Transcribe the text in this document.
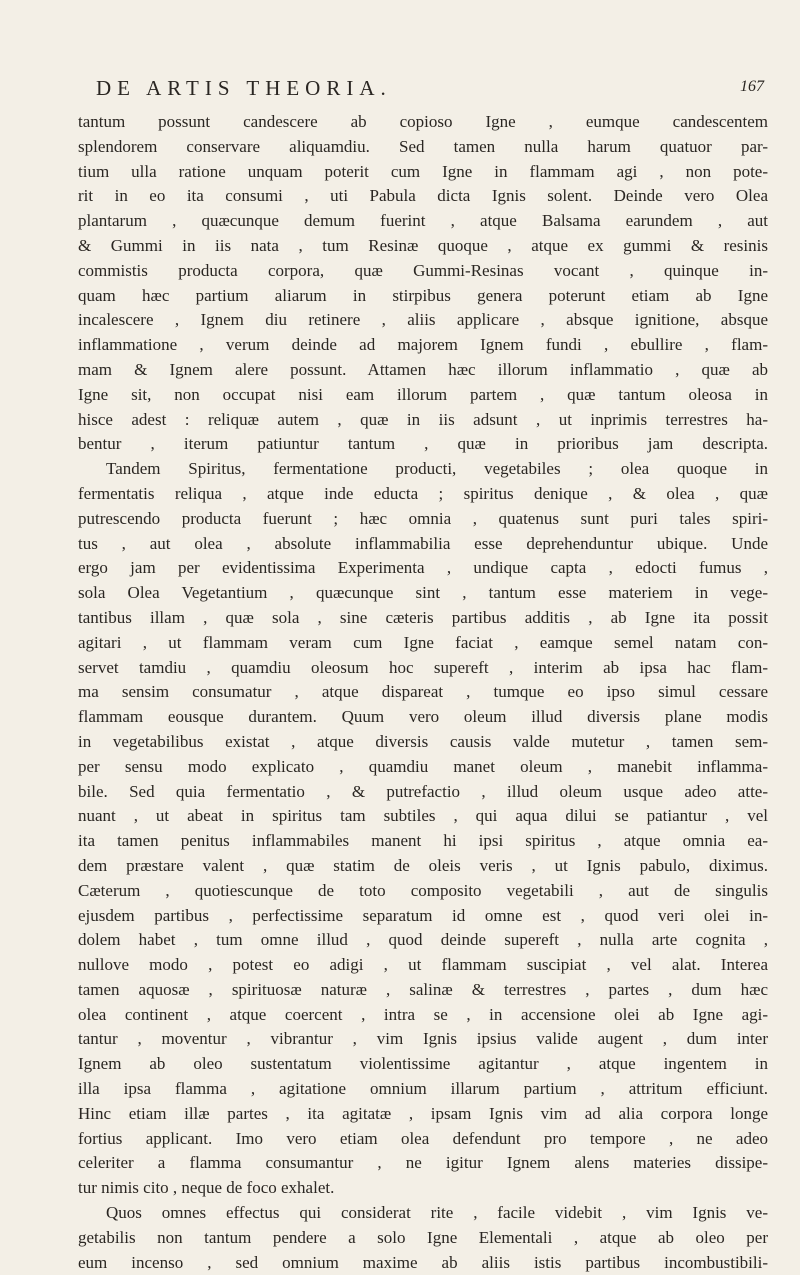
DE ARTIS THEORIA.	167
tantum possunt candescere ab copioso Igne , eumque candescentem
splendorem conservare aliquamdiu. Sed tamen nulla harum quatuor par-
tium ulla ratione unquam poterit cum Igne in flammam agi , non pote-
rit in eo ita consumi , uti Pabula dicta Ignis solent. Deinde vero Olea
plantarum , quæcunque demum fuerint , atque Balsama earundem , aut
& Gummi in iis nata , tum Resinæ quoque , atque ex gummi & resinis
commistis producta corpora, quæ Gummi-Resinas vocant , quinque in-
quam hæc partium aliarum in stirpibus genera poterunt etiam ab Igne
incalescere , Ignem diu retinere , aliis applicare , absque ignitione, absque
inflammatione , verum deinde ad majorem Ignem fundi , ebullire , flam-
mam & Ignem alere possunt. Attamen hæc illorum inflammatio , quæ ab
Igne sit, non occupat nisi eam illorum partem , quæ tantum oleosa in
hisce adest : reliquæ autem , quæ in iis adsunt , ut inprimis terrestres ha-
bentur , iterum patiuntur tantum , quæ in prioribus jam descripta.
Tandem Spiritus, fermentatione producti, vegetabiles ; olea quoque in
fermentatis reliqua , atque inde educta ; spiritus denique , & olea , quæ
putrescendo producta fuerunt ; hæc omnia , quatenus sunt puri tales spiri-
tus , aut olea , absolute inflammabilia esse deprehenduntur ubique. Unde
ergo jam per evidentissima Experimenta , undique capta , edocti fumus ,
sola Olea Vegetantium , quæcunque sint , tantum esse materiem in vege-
tantibus illam , quæ sola , sine cæteris partibus additis , ab Igne ita possit
agitari , ut flammam veram cum Igne faciat , eamque semel natam con-
servet tamdiu , quamdiu oleosum hoc supereft , interim ab ipsa hac flam-
ma sensim consumatur , atque dispareat , tumque eo ipso simul cessare
flammam eousque durantem. Quum vero oleum illud diversis plane modis
in vegetabilibus existat , atque diversis causis valde mutetur , tamen sem-
per sensu modo explicato , quamdiu manet oleum , manebit inflamma-
bile. Sed quia fermentatio , & putrefactio , illud oleum usque adeo atte-
nuant , ut abeat in spiritus tam subtiles , qui aqua dilui se patiantur , vel
ita tamen penitus inflammabiles manent hi ipsi spiritus , atque omnia ea-
dem præstare valent , quæ statim de oleis veris , ut Ignis pabulo, diximus.
Cæterum , quotiescunque de toto composito vegetabili , aut de singulis
ejusdem partibus , perfectissime separatum id omne est , quod veri olei in-
dolem habet , tum omne illud , quod deinde supereft , nulla arte cognita ,
nullove modo , potest eo adigi , ut flammam suscipiat , vel alat. Interea
tamen aquosæ , spirituosæ naturæ , salinæ & terrestres , partes , dum hæc
olea continent , atque coercent , intra se , in accensione olei ab Igne agi-
tantur , moventur , vibrantur , vim Ignis ipsius valide augent , dum inter
Ignem ab oleo sustentatum violentissime agitantur , atque ingentem in
illa ipsa flamma , agitatione omnium illarum partium , attritum efficiunt.
Hinc etiam illæ partes , ita agitatæ , ipsam Ignis vim ad alia corpora longe
fortius applicant. Imo vero etiam olea defendunt pro tempore , ne adeo
celeriter a flamma consumantur , ne igitur Ignem alens materies dissipe-
tur nimis cito , neque de foco exhalet.
Quos omnes effectus qui considerat rite , facile videbit , vim Ignis ve-
getabilis non tantum pendere a solo Igne Elementali , atque ab oleo per
eum incenso , sed omnium maxime ab aliis istis partibus incombustibili-
